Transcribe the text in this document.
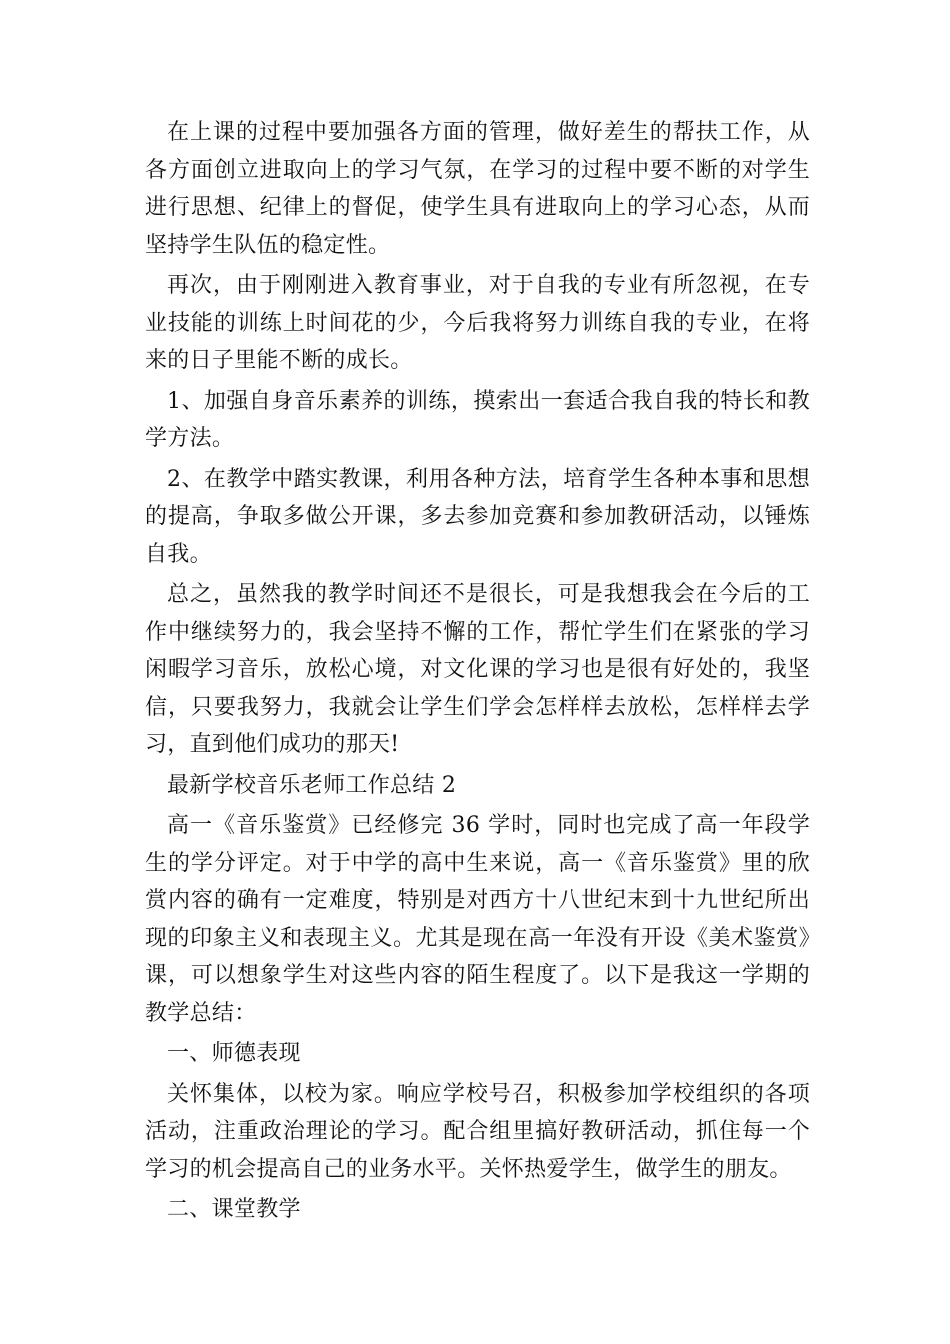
在上课的过程中要加强各方面的管理，做好差生的帮扶工作，从各方面创立进取向上的学习气氛，在学习的过程中要不断的对学生进行思想、纪律上的督促，使学生具有进取向上的学习心态，从而坚持学生队伍的稳定性。

再次，由于刚刚进入教育事业，对于自我的专业有所忽视，在专业技能的训练上时间花的少，今后我将努力训练自我的专业，在将来的日子里能不断的成长。

1、加强自身音乐素养的训练，摸索出一套适合我自我的特长和教学方法。

2、在教学中踏实教课，利用各种方法，培育学生各种本事和思想的提高，争取多做公开课，多去参加竞赛和参加教研活动，以锤炼自我。

总之，虽然我的教学时间还不是很长，可是我想我会在今后的工作中继续努力的，我会坚持不懈的工作，帮忙学生们在紧张的学习闲暇学习音乐，放松心境，对文化课的学习也是很有好处的，我坚信，只要我努力，我就会让学生们学会怎样样去放松，怎样样去学习，直到他们成功的那天!

最新学校音乐老师工作总结 2

高一《音乐鉴赏》已经修完 36 学时，同时也完成了高一年段学生的学分评定。对于中学的高中生来说，高一《音乐鉴赏》里的欣赏内容的确有一定难度，特别是对西方十八世纪末到十九世纪所出现的印象主义和表现主义。尤其是现在高一年没有开设《美术鉴赏》课，可以想象学生对这些内容的陌生程度了。以下是我这一学期的教学总结：

一、师德表现

关怀集体，以校为家。响应学校号召，积极参加学校组织的各项活动，注重政治理论的学习。配合组里搞好教研活动，抓住每一个学习的机会提高自己的业务水平。关怀热爱学生，做学生的朋友。

二、课堂教学
